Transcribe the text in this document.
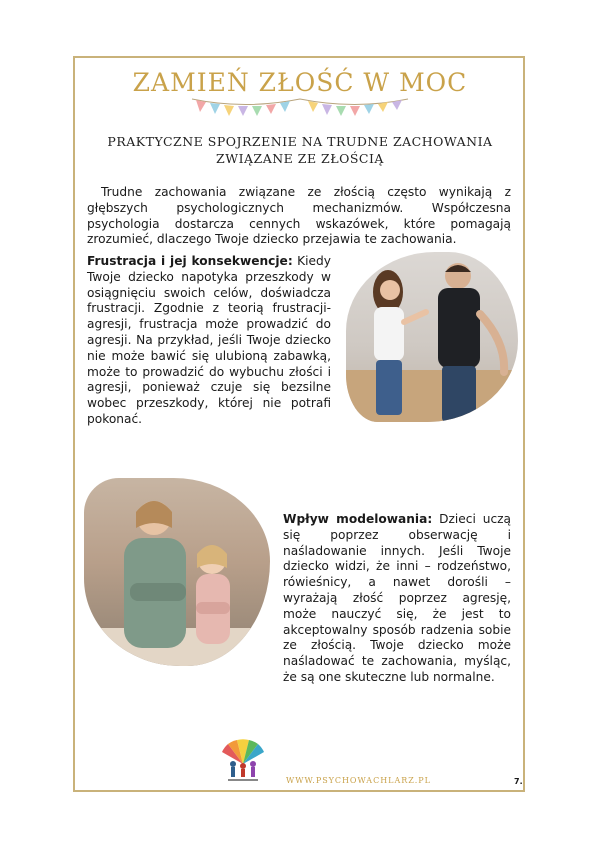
ZAMIEŃ ZŁOŚĆ W MOC
PRAKTYCZNE SPOJRZENIE NA TRUDNE ZACHOWANIA ZWIĄZANE ZE ZŁOŚCIĄ
Trudne zachowania związane ze złością często wynikają z głębszych psychologicznych mechanizmów. Współczesna psychologia dostarcza cennych wskazówek, które pomagają zrozumieć, dlaczego Twoje dziecko przejawia te zachowania.
Frustracja i jej konsekwencje: Kiedy Twoje dziecko napotyka przeszkody w osiągnięciu swoich celów, doświadcza frustracji. Zgodnie z teorią frustracji-agresji, frustracja może prowadzić do agresji. Na przykład, jeśli Twoje dziecko nie może bawić się ulubioną zabawką, może to prowadzić do wybuchu złości i agresji, ponieważ czuje się bezsilne wobec przeszkody, której nie potrafi pokonać.
Wpływ modelowania: Dzieci uczą się poprzez obserwację i naśladowanie innych. Jeśli Twoje dziecko widzi, że inni – rodzeństwo, rówieśnicy, a nawet dorośli – wyrażają złość poprzez agresję, może nauczyć się, że jest to akceptowalny sposób radzenia sobie ze złością. Twoje dziecko może naśladować te zachowania, myśląc, że są one skuteczne lub normalne.
WWW.PSYCHOWACHLARZ.PL	7.
